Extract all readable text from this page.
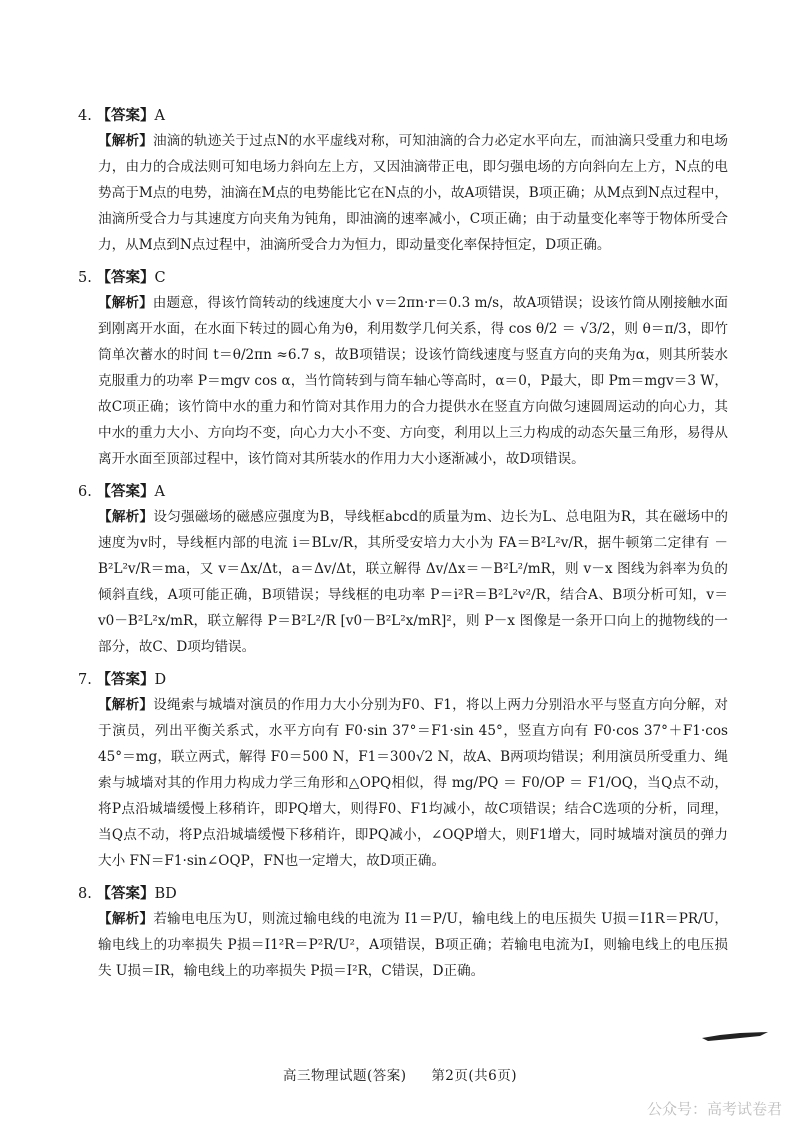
4. 【答案】A
【解析】油滴的轨迹关于过点N的水平虚线对称，可知油滴的合力必定水平向左，而油滴只受重力和电场力，由力的合成法则可知电场力斜向左上方，又因油滴带正电，即匀强电场的方向斜向左上方，N点的电势高于M点的电势，油滴在M点的电势能比它在N点的小，故A项错误，B项正确；从M点到N点过程中，油滴所受合力与其速度方向夹角为钝角，即油滴的速率减小，C项正确；由于动量变化率等于物体所受合力，从M点到N点过程中，油滴所受合力为恒力，即动量变化率保持恒定，D项正确。
5. 【答案】C
【解析】由题意，得该竹筒转动的线速度大小 v＝2πn·r＝0.3 m/s，故A项错误；设该竹筒从刚接触水面到刚离开水面，在水面下转过的圆心角为θ，利用数学几何关系，得 cos θ/2 ＝ √3/2，则 θ＝π/3，即竹筒单次蓄水的时间 t＝θ/2πn ≈6.7 s，故B项错误；设该竹筒线速度与竖直方向的夹角为α，则其所装水克服重力的功率 P＝mgv cos α，当竹筒转到与筒车轴心等高时，α＝0，P最大，即 Pm＝mgv＝3 W，故C项正确；该竹筒中水的重力和竹筒对其作用力的合力提供水在竖直方向做匀速圆周运动的向心力，其中水的重力大小、方向均不变，向心力大小不变、方向变，利用以上三力构成的动态矢量三角形，易得从离开水面至顶部过程中，该竹筒对其所装水的作用力大小逐渐减小，故D项错误。
6. 【答案】A
【解析】设匀强磁场的磁感应强度为B，导线框abcd的质量为m、边长为L、总电阻为R，其在磁场中的速度为v时，导线框内部的电流 i＝BLv/R，其所受安培力大小为 FA＝B²L²v/R，据牛顿第二定律有 －B²L²v/R＝ma，又 v＝Δx/Δt，a＝Δv/Δt，联立解得 Δv/Δx＝－B²L²/mR，则 v－x 图线为斜率为负的倾斜直线，A项可能正确，B项错误；导线框的电功率 P＝i²R＝B²L²v²/R，结合A、B项分析可知，v＝v0－B²L²x/mR，联立解得 P＝B²L²/R [v0－B²L²x/mR]²，则 P－x 图像是一条开口向上的抛物线的一部分，故C、D项均错误。
7. 【答案】D
【解析】设绳索与城墙对演员的作用力大小分别为F0、F1，将以上两力分别沿水平与竖直方向分解，对于演员，列出平衡关系式，水平方向有 F0·sin 37°＝F1·sin 45°，竖直方向有 F0·cos 37°＋F1·cos 45°＝mg，联立两式，解得 F0＝500 N，F1＝300√2 N，故A、B两项均错误；利用演员所受重力、绳索与城墙对其的作用力构成力学三角形和△OPQ相似，得 mg/PQ ＝ F0/OP ＝ F1/OQ，当Q点不动，将P点沿城墙缓慢上移稍许，即PQ增大，则得F0、F1均减小，故C项错误；结合C选项的分析，同理，当Q点不动，将P点沿城墙缓慢下移稍许，即PQ减小，∠OQP增大，则F1增大，同时城墙对演员的弹力大小 FN＝F1·sin∠OQP，FN也一定增大，故D项正确。
8. 【答案】BD
【解析】若输电电压为U，则流过输电线的电流为 I1＝P/U，输电线上的电压损失 U损＝I1R＝PR/U，输电线上的功率损失 P损＝I1²R＝P²R/U²，A项错误，B项正确；若输电电流为I，则输电线上的电压损失 U损＝IR，输电线上的功率损失 P损＝I²R，C错误，D正确。
高三物理试题(答案) 第2页(共6页)
公众号：高考试卷君
